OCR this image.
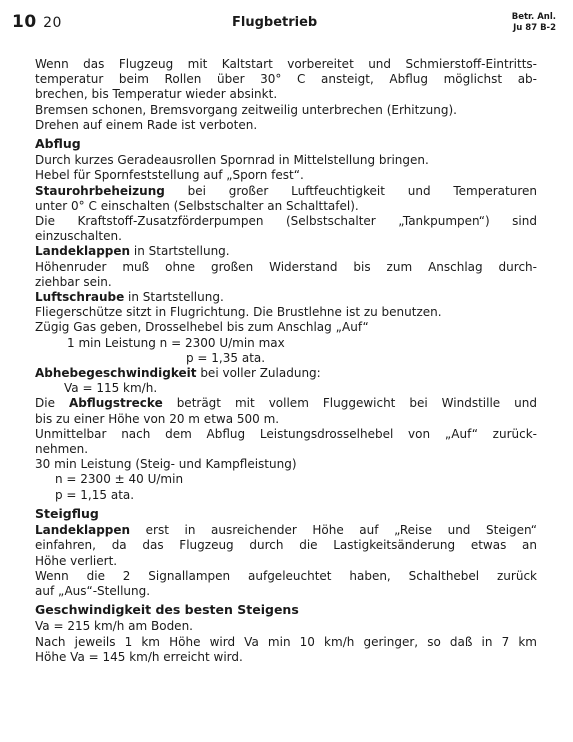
10 20	Flugbetrieb	Betr. Anl.
Ju 87 B-2
Wenn das Flugzeug mit Kaltstart vorbereitet und Schmierstoff-Eintritts-
temperatur beim Rollen über 30° C ansteigt, Abflug möglichst ab-
brechen, bis Temperatur wieder absinkt.
Bremsen schonen, Bremsvorgang zeitweilig unterbrechen (Erhitzung).
Drehen auf einem Rade ist verboten.
Abflug
Durch kurzes Geradeausrollen Spornrad in Mittelstellung bringen.
Hebel für Spornfeststellung auf „Sporn fest“.
Staurohrbeheizung bei großer Luftfeuchtigkeit und Temperaturen
unter 0° C einschalten (Selbstschalter an Schalttafel).
Die Kraftstoff-Zusatzförderpumpen (Selbstschalter „Tankpumpen“) sind
einzuschalten.
Landeklappen in Startstellung.
Höhenruder muß ohne großen Widerstand bis zum Anschlag durch-
ziehbar sein.
Luftschraube in Startstellung.
Fliegerschütze sitzt in Flugrichtung. Die Brustlehne ist zu benutzen.
Zügig Gas geben, Drosselhebel bis zum Anschlag „Auf“
1 min Leistung n = 2300 U/min max
p = 1,35 ata.
Abhebegeschwindigkeit bei voller Zuladung:
Va = 115 km/h.
Die Abflugstrecke beträgt mit vollem Fluggewicht bei Windstille und
bis zu einer Höhe von 20 m etwa 500 m.
Unmittelbar nach dem Abflug Leistungsdrosselhebel von „Auf“ zurück-
nehmen.
30 min Leistung (Steig- und Kampfleistung)
n = 2300 ± 40 U/min
p = 1,15 ata.
Steigflug
Landeklappen erst in ausreichender Höhe auf „Reise und Steigen“
einfahren, da das Flugzeug durch die Lastigkeitsänderung etwas an
Höhe verliert.
Wenn die 2 Signallampen aufgeleuchtet haben, Schalthebel zurück
auf „Aus“-Stellung.
Geschwindigkeit des besten Steigens
Va = 215 km/h am Boden.
Nach jeweils 1 km Höhe wird Va min 10 km/h geringer, so daß in 7 km
Höhe Va = 145 km/h erreicht wird.
